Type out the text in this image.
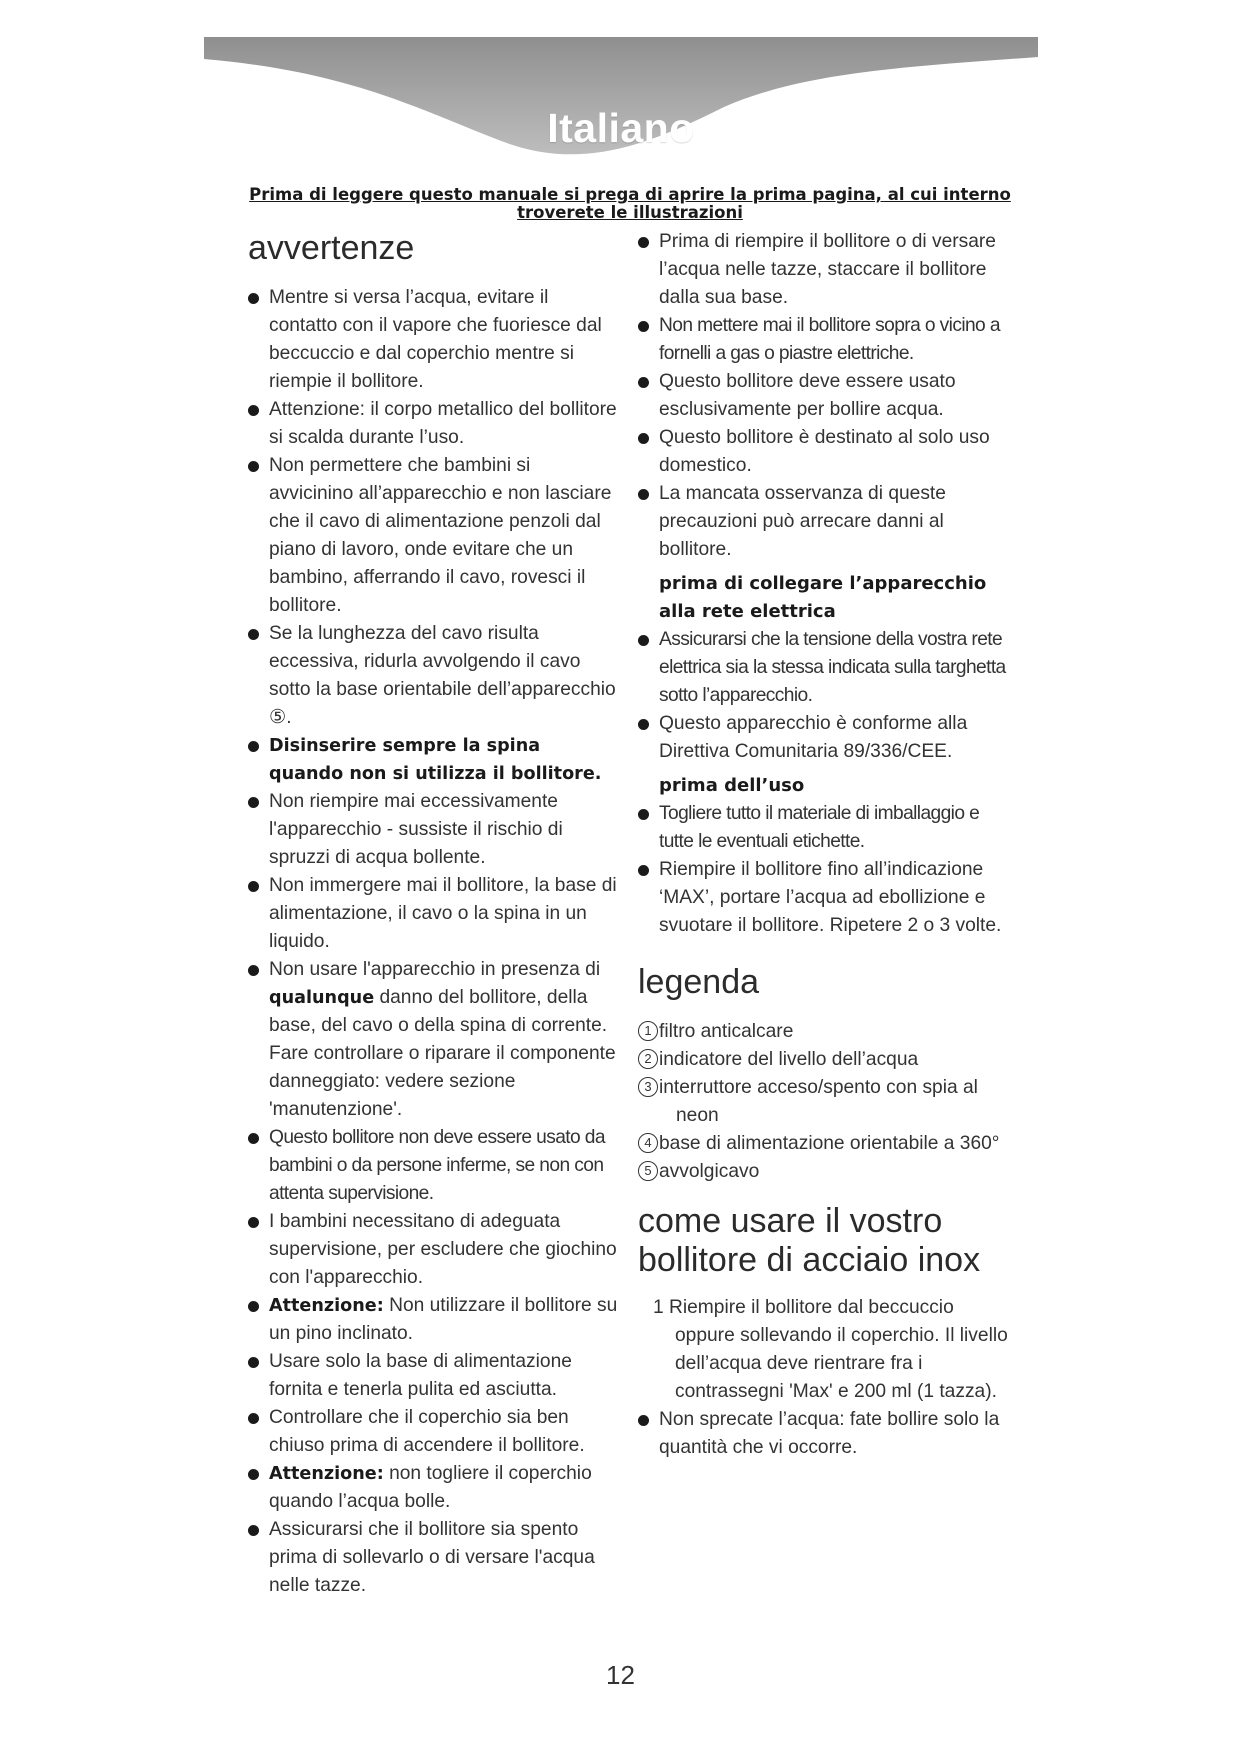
Italiano

Prima di leggere questo manuale si prega di aprire la prima pagina, al cui interno troverete le illustrazioni

avvertenze
Mentre si versa l’acqua, evitare il contatto con il vapore che fuoriesce dal beccuccio e dal coperchio mentre si riempie il bollitore.
Attenzione: il corpo metallico del bollitore si scalda durante l’uso.
Non permettere che bambini si avvicinino all’apparecchio e non lasciare che il cavo di alimentazione penzoli dal piano di lavoro, onde evitare che un bambino, afferrando il cavo, rovesci il bollitore.
Se la lunghezza del cavo risulta eccessiva, ridurla avvolgendo il cavo sotto la base orientabile dell’apparecchio ⑤.
Disinserire sempre la spina quando non si utilizza il bollitore.
Non riempire mai eccessivamente l'apparecchio - sussiste il rischio di spruzzi di acqua bollente.
Non immergere mai il bollitore, la base di alimentazione, il cavo o la spina in un liquido.
Non usare l'apparecchio in presenza di qualunque danno del bollitore, della base, del cavo o della spina di corrente. Fare controllare o riparare il componente danneggiato: vedere sezione 'manutenzione'.
Questo bollitore non deve essere usato da bambini o da persone inferme, se non con attenta supervisione.
I bambini necessitano di adeguata supervisione, per escludere che giochino con l'apparecchio.
Attenzione: Non utilizzare il bollitore su un pino inclinato.
Usare solo la base di alimentazione fornita e tenerla pulita ed asciutta.
Controllare che il coperchio sia ben chiuso prima di accendere il bollitore.
Attenzione: non togliere il coperchio quando l’acqua bolle.
Assicurarsi che il bollitore sia spento prima di sollevarlo o di versare l'acqua nelle tazze.
Prima di riempire il bollitore o di versare l’acqua nelle tazze, staccare il bollitore dalla sua base.
Non mettere mai il bollitore sopra o vicino a fornelli a gas o piastre elettriche.
Questo bollitore deve essere usato esclusivamente per bollire acqua.
Questo bollitore è destinato al solo uso domestico.
La mancata osservanza di queste precauzioni può arrecare danni al bollitore.
prima di collegare l’apparecchio alla rete elettrica
Assicurarsi che la tensione della vostra rete elettrica sia la stessa indicata sulla targhetta sotto l’apparecchio.
Questo apparecchio è conforme alla Direttiva Comunitaria 89/336/CEE.
prima dell’uso
Togliere tutto il materiale di imballaggio e tutte le eventuali etichette.
Riempire il bollitore fino all’indicazione ‘MAX’, portare l’acqua ad ebollizione e svuotare il bollitore. Ripetere 2 o 3 volte.
legenda
1 filtro anticalcare
2 indicatore del livello dell’acqua
3 interruttore acceso/spento con spia al neon
4 base di alimentazione orientabile a 360°
5 avvolgicavo
come usare il vostro bollitore di acciaio inox

1 Riempire il bollitore dal beccuccio oppure sollevando il coperchio. Il livello dell’acqua deve rientrare fra i contrassegni 'Max' e 200 ml (1 tazza).

Non sprecate l’acqua: fate bollire solo la quantità che vi occorre.
12
